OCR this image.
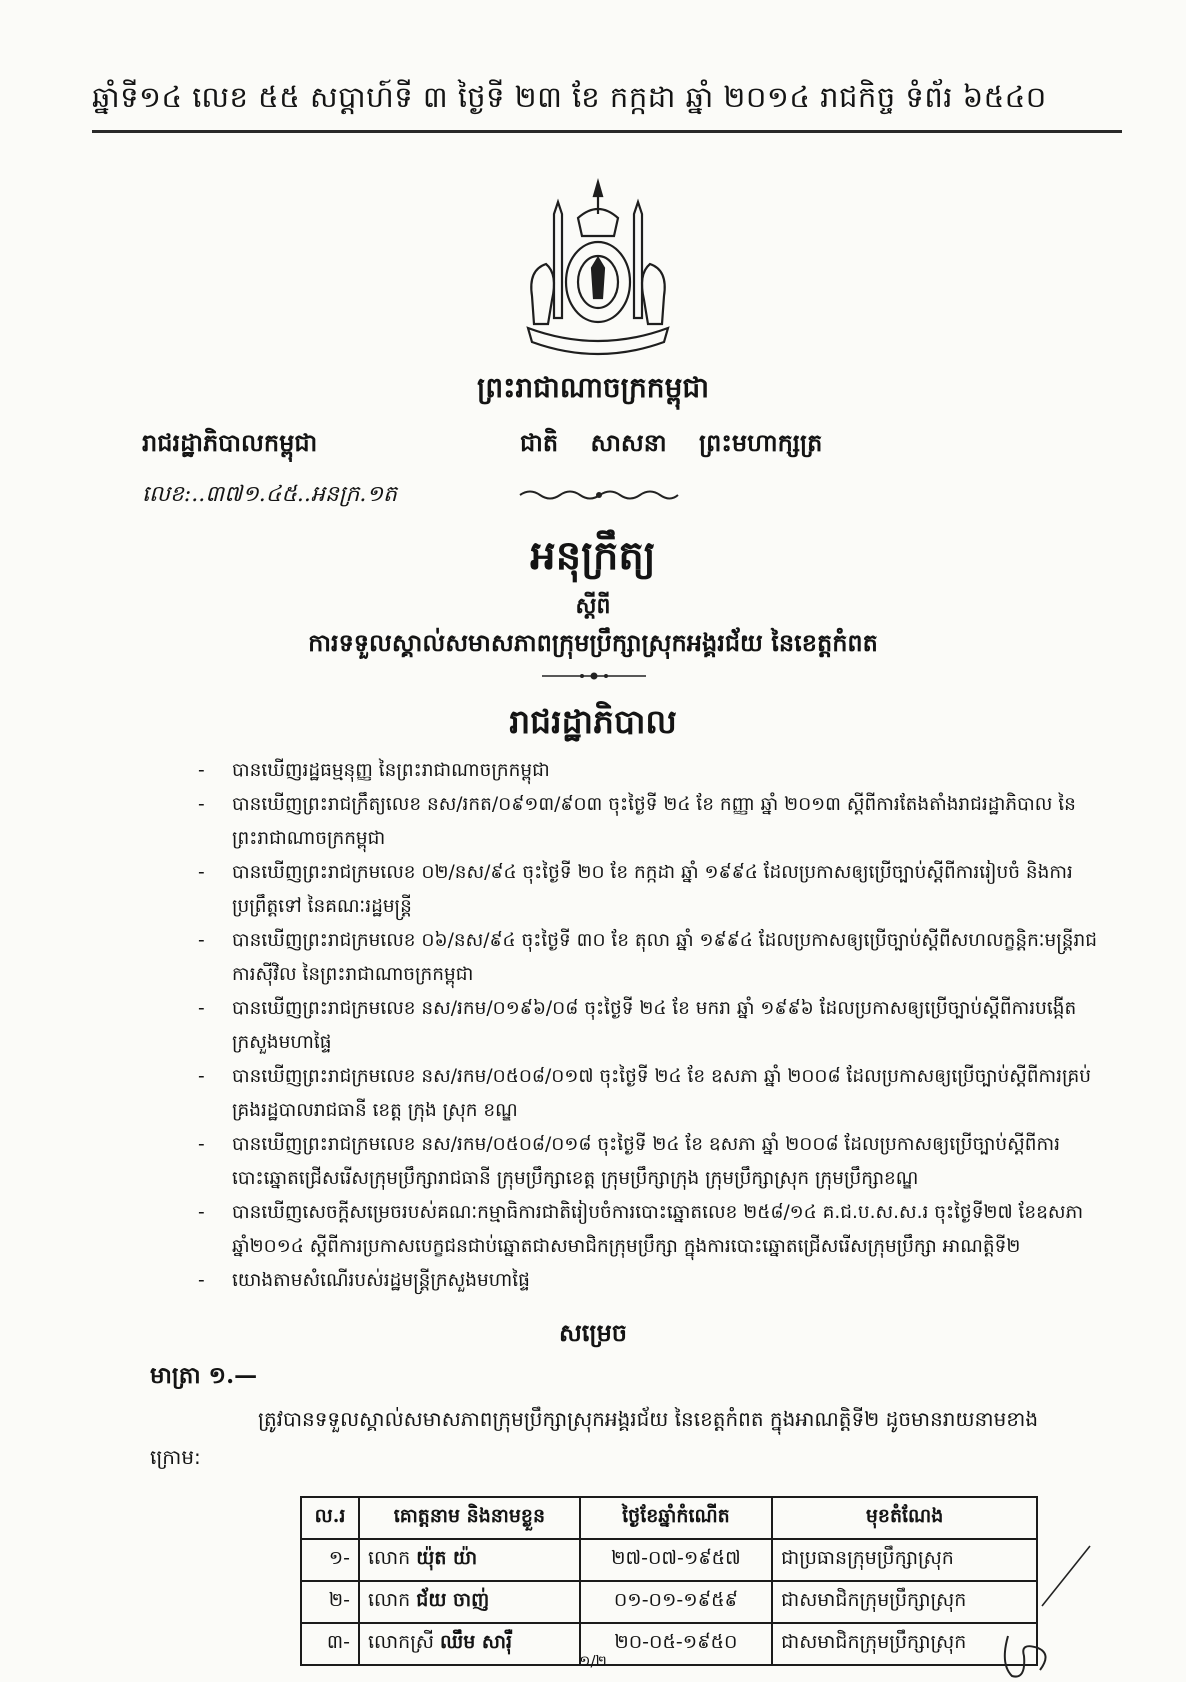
ឆ្នាំទី១៤ លេខ ៥៥ សប្តាហ៍ទី ៣ ថ្ងៃទី ២៣ ខែ កក្កដា ឆ្នាំ ២០១៤ រាជកិច្ច ទំព័រ ៦៥៤០
ព្រះរាជាណាចក្រកម្ពុជា
រាជរដ្ឋាភិបាលកម្ពុជា	ជាតិ សាសនា ព្រះមហាក្សត្រ
លេខ:..៣៧១.៤៥..អនក្រ.១ត
អនុក្រឹត្យ
ស្តីពី
ការទទួលស្គាល់សមាសភាពក្រុមប្រឹក្សាស្រុកអង្គរជ័យ នៃខេត្តកំពត
រាជរដ្ឋាភិបាល
- បានឃើញរដ្ឋធម្មនុញ្ញ នៃព្រះរាជាណាចក្រកម្ពុជា
- បានឃើញព្រះរាជក្រឹត្យលេខ នស/រកត/០៩១៣/៩០៣ ចុះថ្ងៃទី ២៤ ខែ កញ្ញា ឆ្នាំ ២០១៣ ស្តីពីការតែងតាំងរាជរដ្ឋាភិបាល នៃព្រះរាជាណាចក្រកម្ពុជា
- បានឃើញព្រះរាជក្រមលេខ ០២/នស/៩៤ ចុះថ្ងៃទី ២០ ខែ កក្កដា ឆ្នាំ ១៩៩៤ ដែលប្រកាសឲ្យប្រើច្បាប់ស្តីពីការរៀបចំ និងការប្រព្រឹត្តទៅ នៃគណៈរដ្ឋមន្ត្រី
- បានឃើញព្រះរាជក្រមលេខ ០៦/នស/៩៤ ចុះថ្ងៃទី ៣០ ខែ តុលា ឆ្នាំ ១៩៩៤ ដែលប្រកាសឲ្យប្រើច្បាប់ស្តីពីសហលក្ខន្តិកៈមន្ត្រីរាជការស៊ីវិល នៃព្រះរាជាណាចក្រកម្ពុជា
- បានឃើញព្រះរាជក្រមលេខ នស/រកម/០១៩៦/០៨ ចុះថ្ងៃទី ២៤ ខែ មករា ឆ្នាំ ១៩៩៦ ដែលប្រកាសឲ្យប្រើច្បាប់ស្តីពីការបង្កើតក្រសួងមហាផ្ទៃ
- បានឃើញព្រះរាជក្រមលេខ នស/រកម/០៥០៨/០១៧ ចុះថ្ងៃទី ២៤ ខែ ឧសភា ឆ្នាំ ២០០៨ ដែលប្រកាសឲ្យប្រើច្បាប់ស្តីពីការគ្រប់គ្រងរដ្ឋបាលរាជធានី ខេត្ត ក្រុង ស្រុក ខណ្ឌ
- បានឃើញព្រះរាជក្រមលេខ នស/រកម/០៥០៨/០១៨ ចុះថ្ងៃទី ២៤ ខែ ឧសភា ឆ្នាំ ២០០៨ ដែលប្រកាសឲ្យប្រើច្បាប់ស្តីពីការបោះឆ្នោតជ្រើសរើសក្រុមប្រឹក្សារាជធានី ក្រុមប្រឹក្សាខេត្ត ក្រុមប្រឹក្សាក្រុង ក្រុមប្រឹក្សាស្រុក ក្រុមប្រឹក្សាខណ្ឌ
- បានឃើញសេចក្តីសម្រេចរបស់គណៈកម្មាធិការជាតិរៀបចំការបោះឆ្នោតលេខ ២៥៨/១៤ គ.ជ.ប.ស.ស.រ ចុះថ្ងៃទី២៧ ខែឧសភា ឆ្នាំ២០១៤ ស្តីពីការប្រកាសបេក្ខជនជាប់ឆ្នោតជាសមាជិកក្រុមប្រឹក្សា ក្នុងការបោះឆ្នោតជ្រើសរើសក្រុមប្រឹក្សា អាណត្តិទី២
- យោងតាមសំណើរបស់រដ្ឋមន្ត្រីក្រសួងមហាផ្ទៃ
សម្រេច
មាត្រា ១.—
ត្រូវបានទទួលស្គាល់សមាសភាពក្រុមប្រឹក្សាស្រុកអង្គរជ័យ នៃខេត្តកំពត ក្នុងអាណត្តិទី២ ដូចមានរាយនាមខាងក្រោម:
ល.រ	គោត្តនាម និងនាមខ្លួន	ថ្ងៃខែឆ្នាំកំណើត	មុខតំណែង
១-	លោក យ៉ុត យ៉ា	២៧-០៧-១៩៥៧	ជាប្រធានក្រុមប្រឹក្សាស្រុក
២-	លោក ជ័យ ចាញ់	០១-០១-១៩៥៩	ជាសមាជិកក្រុមប្រឹក្សាស្រុក
៣-	លោកស្រី ឈឹម សារ៉ឺ	២០-០៥-១៩៥០	ជាសមាជិកក្រុមប្រឹក្សាស្រុក
១/២
